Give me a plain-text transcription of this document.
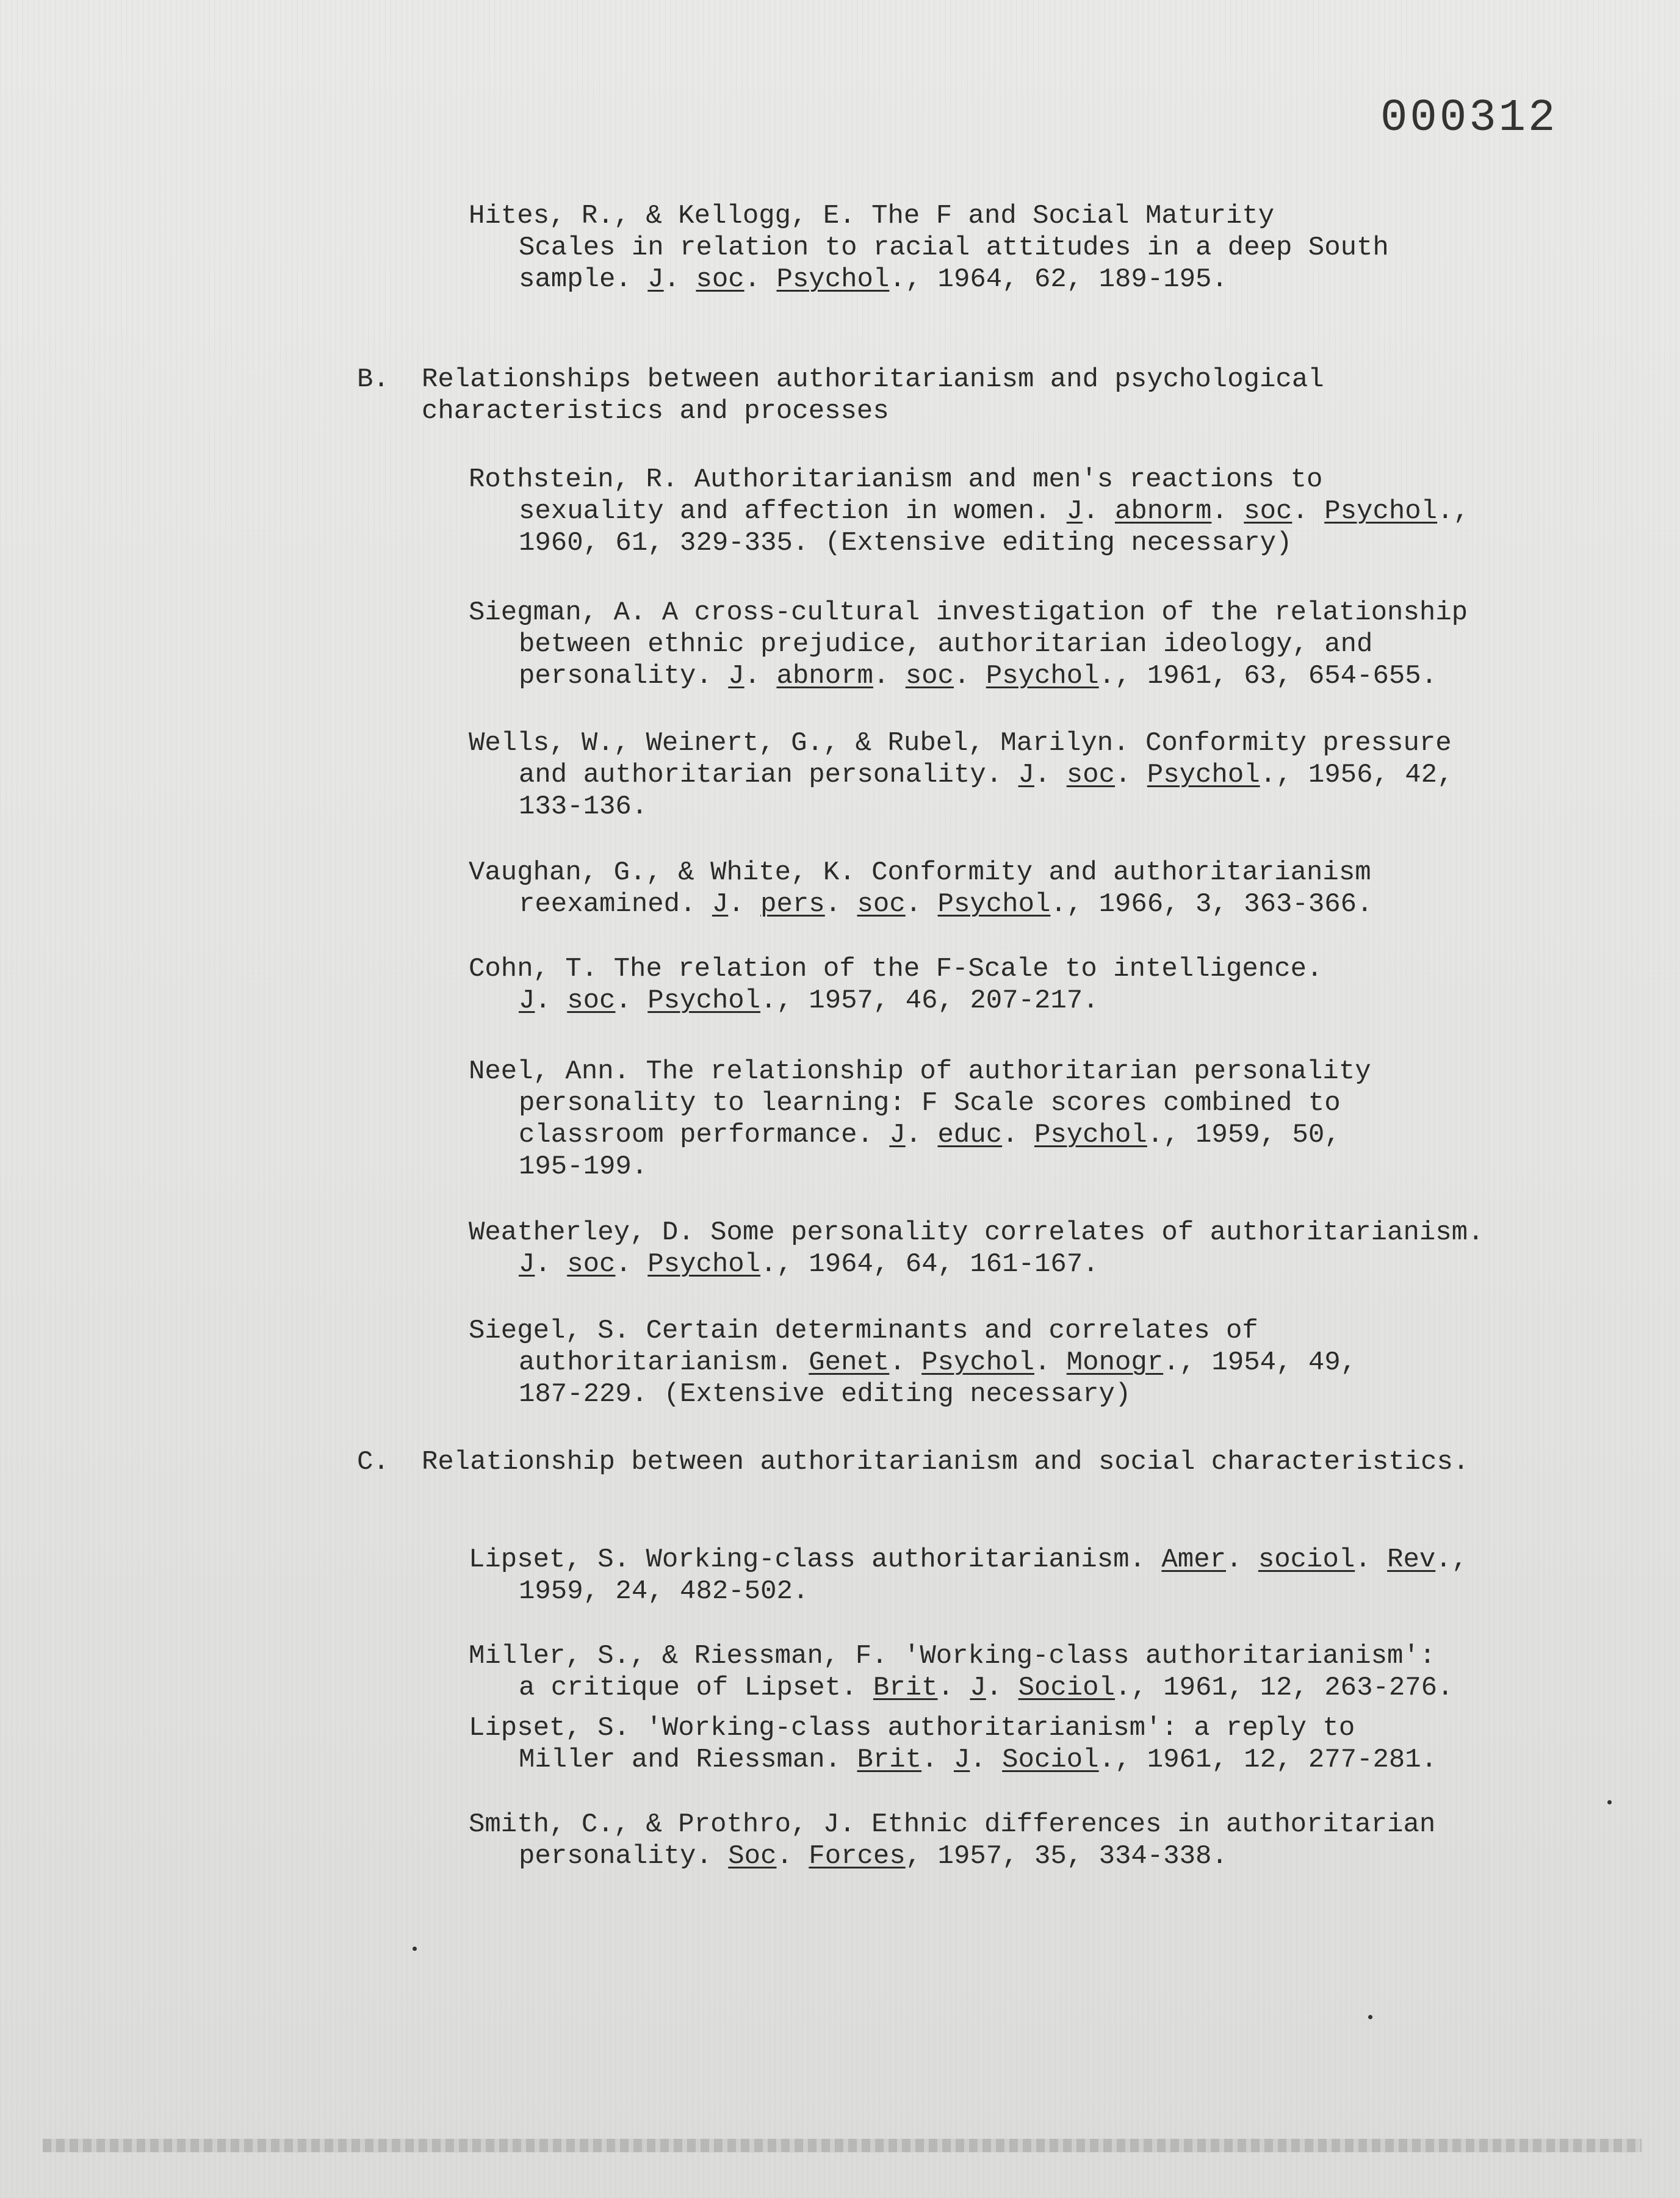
000312
Hites, R., & Kellogg, E. The F and Social Maturity
Scales in relation to racial attitudes in a deep South
sample. J. soc. Psychol., 1964, 62, 189-195.
B. Relationships between authoritarianism and psychological
characteristics and processes
Rothstein, R. Authoritarianism and men's reactions to
sexuality and affection in women. J. abnorm. soc. Psychol.,
1960, 61, 329-335. (Extensive editing necessary)
Siegman, A. A cross-cultural investigation of the relationship
between ethnic prejudice, authoritarian ideology, and
personality. J. abnorm. soc. Psychol., 1961, 63, 654-655.
Wells, W., Weinert, G., & Rubel, Marilyn. Conformity pressure
and authoritarian personality. J. soc. Psychol., 1956, 42,
133-136.
Vaughan, G., & White, K. Conformity and authoritarianism
reexamined. J. pers. soc. Psychol., 1966, 3, 363-366.
Cohn, T. The relation of the F-Scale to intelligence.
J. soc. Psychol., 1957, 46, 207-217.
Neel, Ann. The relationship of authoritarian personality
personality to learning: F Scale scores combined to
classroom performance. J. educ. Psychol., 1959, 50,
195-199.
Weatherley, D. Some personality correlates of authoritarianism.
J. soc. Psychol., 1964, 64, 161-167.
Siegel, S. Certain determinants and correlates of
authoritarianism. Genet. Psychol. Monogr., 1954, 49,
187-229. (Extensive editing necessary)
C. Relationship between authoritarianism and social characteristics.
Lipset, S. Working-class authoritarianism. Amer. sociol. Rev.,
1959, 24, 482-502.
Miller, S., & Riessman, F. 'Working-class authoritarianism':
a critique of Lipset. Brit. J. Sociol., 1961, 12, 263-276.
Lipset, S. 'Working-class authoritarianism': a reply to
Miller and Riessman. Brit. J. Sociol., 1961, 12, 277-281.
Smith, C., & Prothro, J. Ethnic differences in authoritarian
personality. Soc. Forces, 1957, 35, 334-338.
